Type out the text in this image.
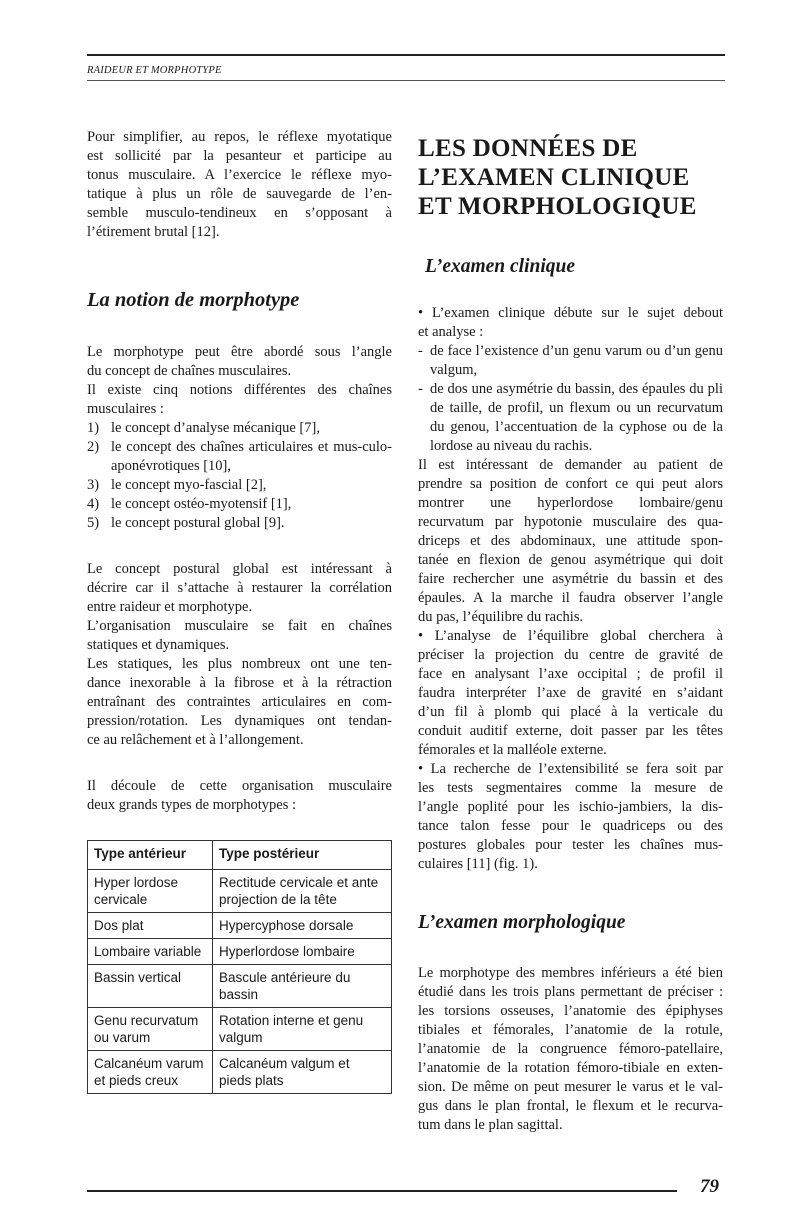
RAIDEUR ET MORPHOTYPE
Pour simplifier, au repos, le réflexe myotatique
est sollicité par la pesanteur et participe au
tonus musculaire. A l’exercice le réflexe myo-
tatique à plus un rôle de sauvegarde de l’en-
semble musculo-tendineux en s’opposant à
l’étirement brutal [12].
La notion de morphotype
Le morphotype peut être abordé sous l’angle
du concept de chaînes musculaires.
Il existe cinq notions différentes des chaînes
musculaires :
1) le concept d’analyse mécanique [7],
2) le concept des chaînes articulaires et mus-culo-aponévrotiques [10],
3) le concept myo-fascial [2],
4) le concept ostéo-myotensif [1],
5) le concept postural global [9].
Le concept postural global est intéressant à
décrire car il s’attache à restaurer la corrélation
entre raideur et morphotype.
L’organisation musculaire se fait en chaînes
statiques et dynamiques.
Les statiques, les plus nombreux ont une ten-
dance inexorable à la fibrose et à la rétraction
entraînant des contraintes articulaires en com-
pression/rotation. Les dynamiques ont tendan-
ce au relâchement et à l’allongement.
Il découle de cette organisation musculaire
deux grands types de morphotypes :
Type antérieur	Type postérieur
Hyper lordose cervicale	Rectitude cervicale et ante projection de la tête
Dos plat	Hypercyphose dorsale
Lombaire variable	Hyperlordose lombaire
Bassin vertical	Bascule antérieure du bassin
Genu recurvatum ou varum	Rotation interne et genu valgum
Calcanéum varum et pieds creux	Calcanéum valgum et pieds plats
LES DONNÉES DE
L’EXAMEN CLINIQUE
ET MORPHOLOGIQUE
L’examen clinique
• L’examen clinique débute sur le sujet debout
et analyse :
- de face l’existence d’un genu varum ou d’un genu valgum,
- de dos une asymétrie du bassin, des épaules du pli de taille, de profil, un flexum ou un recurvatum du genou, l’accentuation de la cyphose ou de la lordose au niveau du rachis.
Il est intéressant de demander au patient de
prendre sa position de confort ce qui peut alors
montrer une hyperlordose lombaire/genu
recurvatum par hypotonie musculaire des qua-
driceps et des abdominaux, une attitude spon-
tanée en flexion de genou asymétrique qui doit
faire rechercher une asymétrie du bassin et des
épaules. A la marche il faudra observer l’angle
du pas, l’équilibre du rachis.
• L’analyse de l’équilibre global cherchera à
préciser la projection du centre de gravité de
face en analysant l’axe occipital ; de profil il
faudra interpréter l’axe de gravité en s’aidant
d’un fil à plomb qui placé à la verticale du
conduit auditif externe, doit passer par les têtes
fémorales et la malléole externe.
• La recherche de l’extensibilité se fera soit par
les tests segmentaires comme la mesure de
l’angle poplité pour les ischio-jambiers, la dis-
tance talon fesse pour le quadriceps ou des
postures globales pour tester les chaînes mus-
culaires [11] (fig. 1).
L’examen morphologique
Le morphotype des membres inférieurs a été bien
étudié dans les trois plans permettant de préciser :
les torsions osseuses, l’anatomie des épiphyses
tibiales et fémorales, l’anatomie de la rotule,
l’anatomie de la congruence fémoro-patellaire,
l’anatomie de la rotation fémoro-tibiale en exten-
sion. De même on peut mesurer le varus et le val-
gus dans le plan frontal, le flexum et le recurva-
tum dans le plan sagittal.
79
